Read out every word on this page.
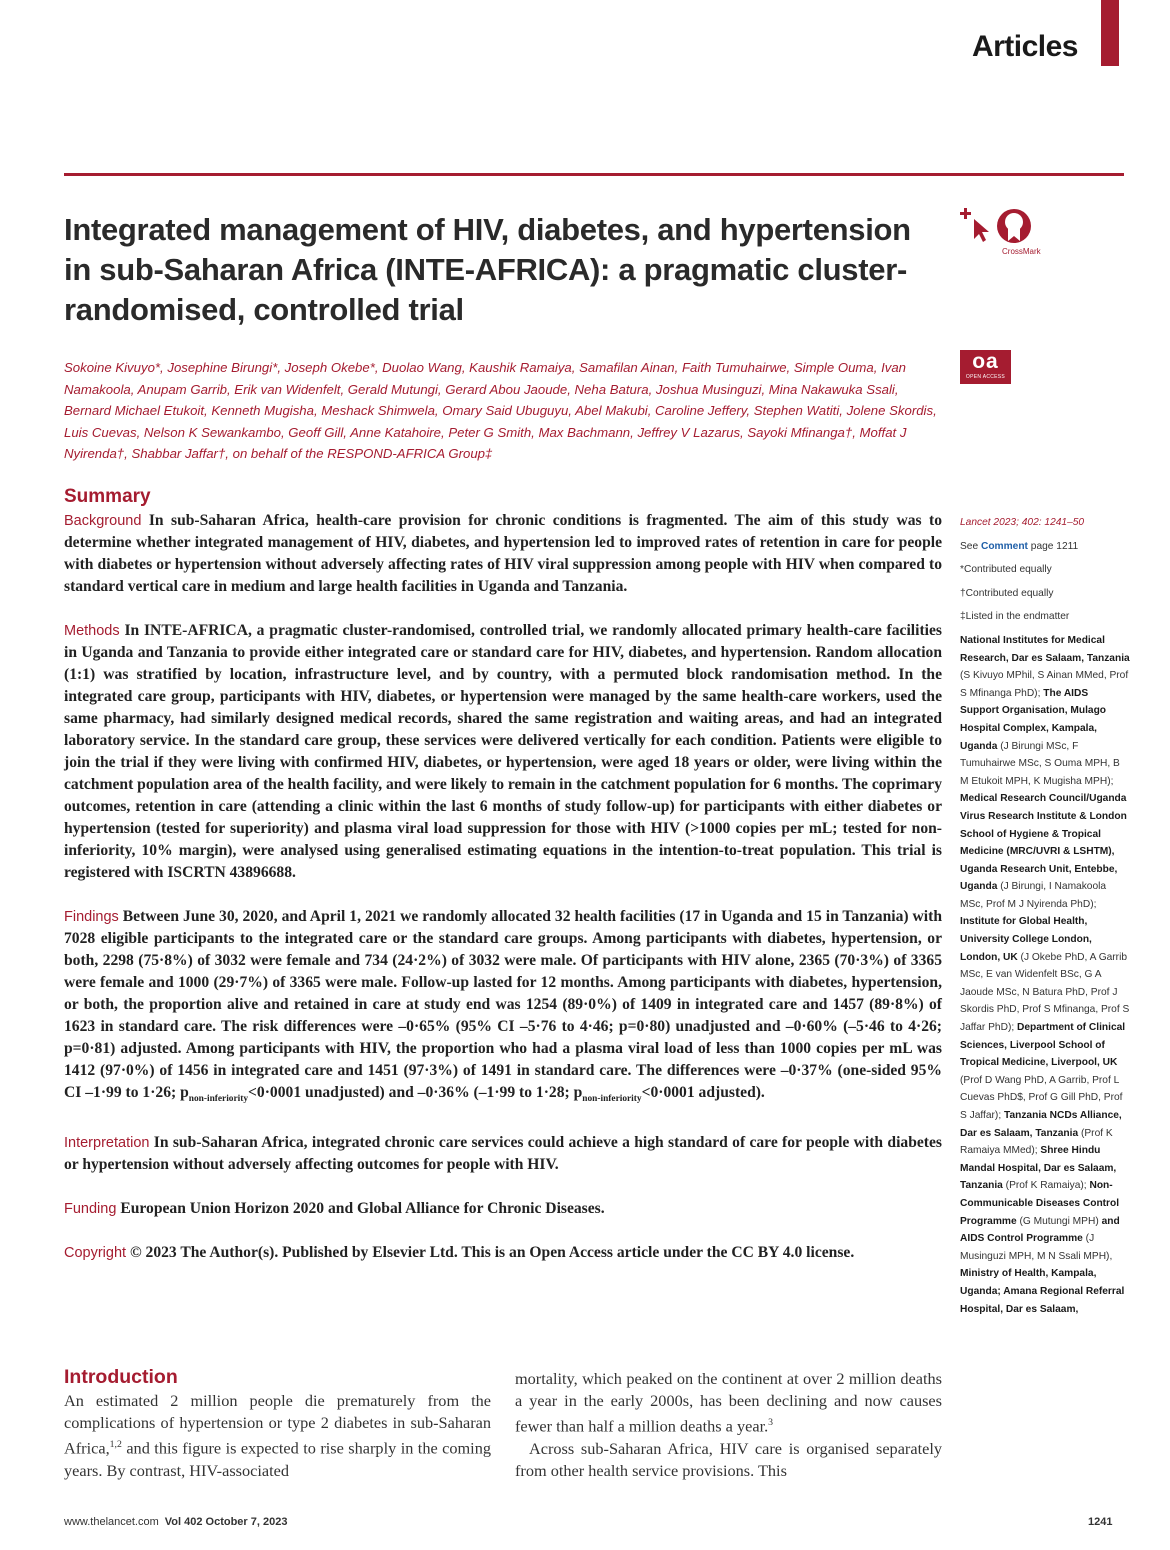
Articles
Integrated management of HIV, diabetes, and hypertension in sub-Saharan Africa (INTE-AFRICA): a pragmatic cluster-randomised, controlled trial
CrossMark
oa
OPEN ACCESS
Sokoine Kivuyo*, Josephine Birungi*, Joseph Okebe*, Duolao Wang, Kaushik Ramaiya, Samafilan Ainan, Faith Tumuhairwe, Simple Ouma, Ivan Namakoola, Anupam Garrib, Erik van Widenfelt, Gerald Mutungi, Gerard Abou Jaoude, Neha Batura, Joshua Musinguzi, Mina Nakawuka Ssali, Bernard Michael Etukoit, Kenneth Mugisha, Meshack Shimwela, Omary Said Ubuguyu, Abel Makubi, Caroline Jeffery, Stephen Watiti, Jolene Skordis, Luis Cuevas, Nelson K Sewankambo, Geoff Gill, Anne Katahoire, Peter G Smith, Max Bachmann, Jeffrey V Lazarus, Sayoki Mfinanga†, Moffat J Nyirenda†, Shabbar Jaffar†, on behalf of the RESPOND-AFRICA Group‡
Summary

Background In sub-Saharan Africa, health-care provision for chronic conditions is fragmented. The aim of this study was to determine whether integrated management of HIV, diabetes, and hypertension led to improved rates of retention in care for people with diabetes or hypertension without adversely affecting rates of HIV viral suppression among people with HIV when compared to standard vertical care in medium and large health facilities in Uganda and Tanzania.

Methods In INTE-AFRICA, a pragmatic cluster-randomised, controlled trial, we randomly allocated primary health-care facilities in Uganda and Tanzania to provide either integrated care or standard care for HIV, diabetes, and hypertension. Random allocation (1:1) was stratified by location, infrastructure level, and by country, with a permuted block randomisation method. In the integrated care group, participants with HIV, diabetes, or hypertension were managed by the same health-care workers, used the same pharmacy, had similarly designed medical records, shared the same registration and waiting areas, and had an integrated laboratory service. In the standard care group, these services were delivered vertically for each condition. Patients were eligible to join the trial if they were living with confirmed HIV, diabetes, or hypertension, were aged 18 years or older, were living within the catchment population area of the health facility, and were likely to remain in the catchment population for 6 months. The coprimary outcomes, retention in care (attending a clinic within the last 6 months of study follow-up) for participants with either diabetes or hypertension (tested for superiority) and plasma viral load suppression for those with HIV (>1000 copies per mL; tested for non-inferiority, 10% margin), were analysed using generalised estimating equations in the intention-to-treat population. This trial is registered with ISCRTN 43896688.

Findings Between June 30, 2020, and April 1, 2021 we randomly allocated 32 health facilities (17 in Uganda and 15 in Tanzania) with 7028 eligible participants to the integrated care or the standard care groups. Among participants with diabetes, hypertension, or both, 2298 (75·8%) of 3032 were female and 734 (24·2%) of 3032 were male. Of participants with HIV alone, 2365 (70·3%) of 3365 were female and 1000 (29·7%) of 3365 were male. Follow-up lasted for 12 months. Among participants with diabetes, hypertension, or both, the proportion alive and retained in care at study end was 1254 (89·0%) of 1409 in integrated care and 1457 (89·8%) of 1623 in standard care. The risk differences were –0·65% (95% CI –5·76 to 4·46; p=0·80) unadjusted and –0·60% (–5·46 to 4·26; p=0·81) adjusted. Among participants with HIV, the proportion who had a plasma viral load of less than 1000 copies per mL was 1412 (97·0%) of 1456 in integrated care and 1451 (97·3%) of 1491 in standard care. The differences were –0·37% (one-sided 95% CI –1·99 to 1·26; $p_{non-inferiority}<0\cdot 0001$ unadjusted) and –0·36% (–1·99 to 1·28; $p_{non-inferiority}<0\cdot 0001$ adjusted).

Interpretation In sub-Saharan Africa, integrated chronic care services could achieve a high standard of care for people with diabetes or hypertension without adversely affecting outcomes for people with HIV.

Funding European Union Horizon 2020 and Global Alliance for Chronic Diseases.

Copyright © 2023 The Author(s). Published by Elsevier Ltd. This is an Open Access article under the CC BY 4.0 license.

Introduction
An estimated 2 million people die prematurely from the complications of hypertension or type 2 diabetes in sub-Saharan Africa,$^{1,2}$ and this figure is expected to rise sharply in the coming years. By contrast, HIV-associated
mortality, which peaked on the continent at over 2 million deaths a year in the early 2000s, has been declining and now causes fewer than half a million deaths a year.$^3$
Across sub-Saharan Africa, HIV care is organised separately from other health service provisions. This
Lancet 2023; 402: 1241–50
See Comment page 1211
*Contributed equally
†Contributed equally
‡Listed in the endmatter
National Institutes for Medical Research, Dar es Salaam, Tanzania (S Kivuyo MPhil, S Ainan MMed, Prof S Mfinanga PhD); The AIDS Support Organisation, Mulago Hospital Complex, Kampala, Uganda (J Birungi MSc, F Tumuhairwe MSc, S Ouma MPH, B M Etukoit MPH, K Mugisha MPH); Medical Research Council/Uganda Virus Research Institute & London School of Hygiene & Tropical Medicine (MRC/UVRI & LSHTM), Uganda Research Unit, Entebbe, Uganda (J Birungi, I Namakoola MSc, Prof M J Nyirenda PhD); Institute for Global Health, University College London, London, UK (J Okebe PhD, A Garrib MSc, E van Widenfelt BSc, G A Jaoude MSc, N Batura PhD, Prof J Skordis PhD, Prof S Mfinanga, Prof S Jaffar PhD); Department of Clinical Sciences, Liverpool School of Tropical Medicine, Liverpool, UK (Prof D Wang PhD, A Garrib, Prof L Cuevas PhD$, Prof G Gill PhD, Prof S Jaffar); Tanzania NCDs Alliance, Dar es Salaam, Tanzania (Prof K Ramaiya MMed); Shree Hindu Mandal Hospital, Dar es Salaam, Tanzania (Prof K Ramaiya); Non-Communicable Diseases Control Programme (G Mutungi MPH) and AIDS Control Programme (J Musinguzi MPH, M N Ssali MPH), Ministry of Health, Kampala, Uganda; Amana Regional Referral Hospital, Dar es Salaam,
www.thelancet.com Vol 402 October 7, 2023	1241
